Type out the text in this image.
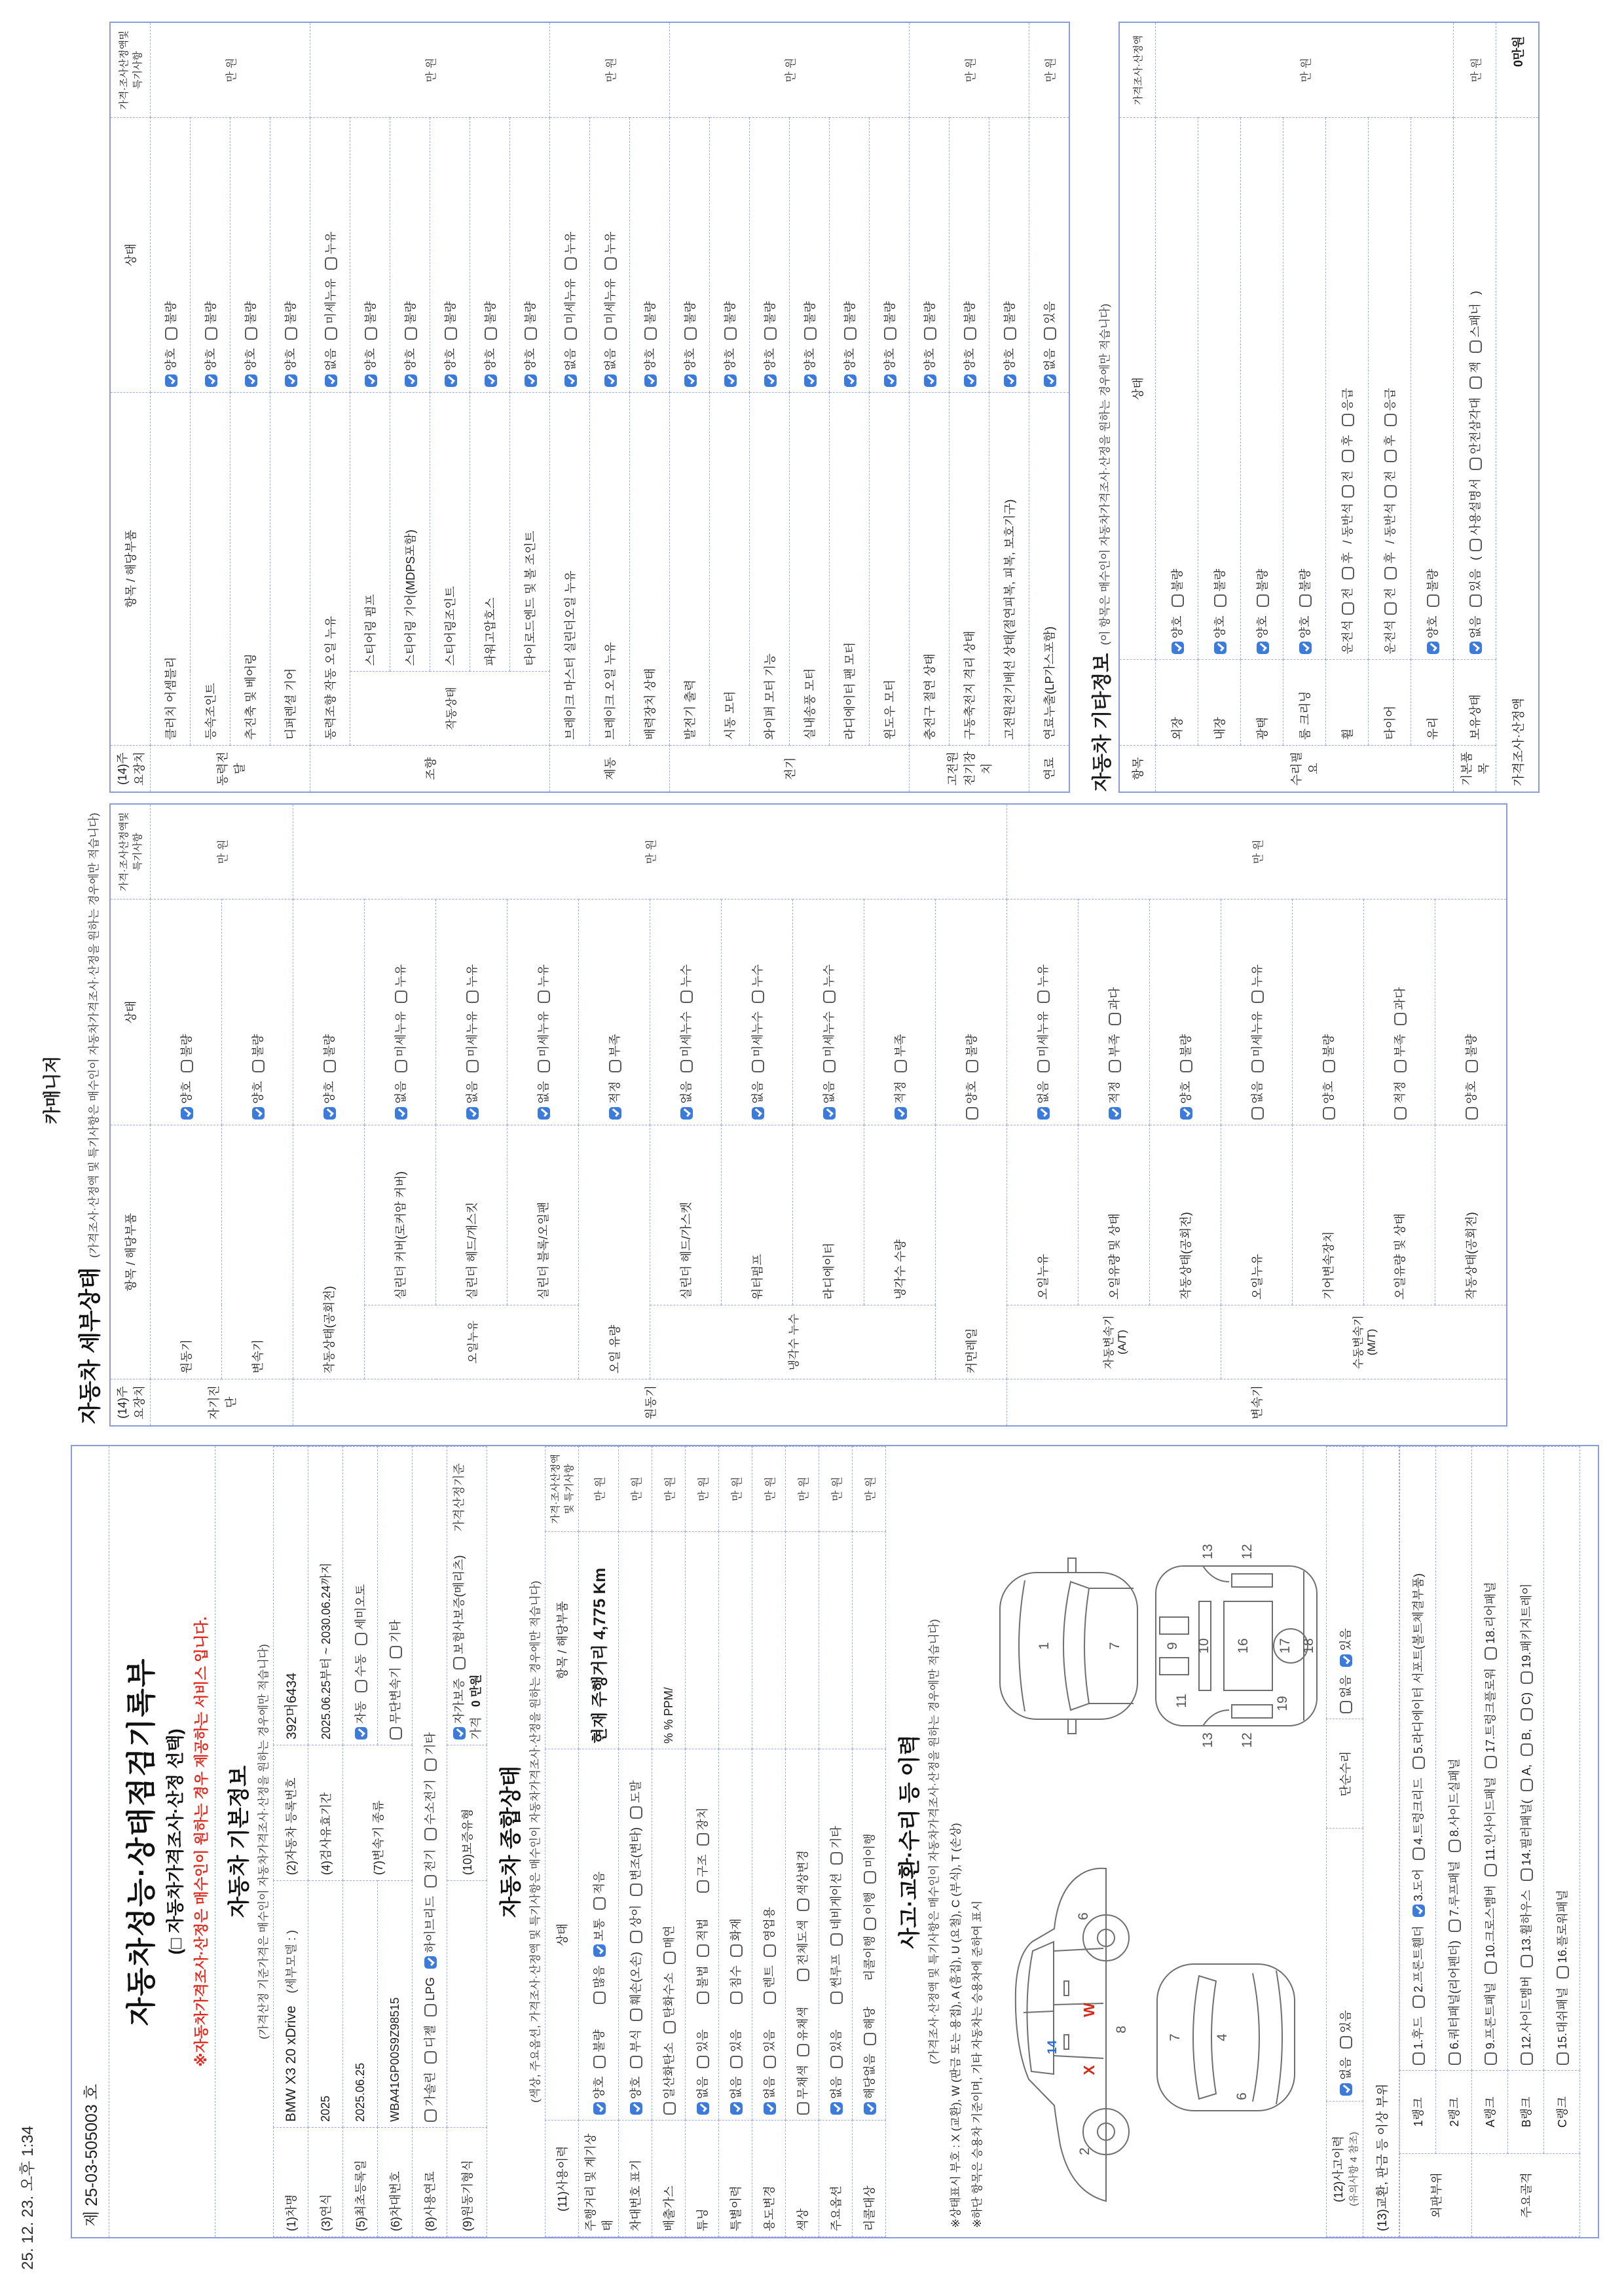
25. 12. 23. 오후 1:34
카매니저
제 25-03-505003 호
자동차성능·상태점검기록부 (□ 자동차가격조사·산정 선택) ※자동차가격조사·산정은 매수인이 원하는 경우 제공하는 서비스 입니다. 자동차 기본정보 (가격산정 기준가격은 매수인이 자동차가격조사·산정을 원하는 경우에만 적습니다)
(1)차명	BMW X3 20 xDrive (세부모델 : )	(2)자동차 등록번호	392머6434
(3)연식	2025	(4)검사유효기간	2025.06.25부터 ~ 2030.06.24까지
(5)최초등록일	2025.06.25	(7)변속기 종류	자동수동세미오토
(6)차대번호	WBA41GP00S9Z98515		무단변속기기타
(8)사용연료	가솔린디젤LPG하이브리드전기수소전기기타		
(9)원동기형식		(10)보증유형	자가보증보험사보증(메리츠) 가격산정기준가격 0 만원
자동차 종합상태 (색상, 주요옵션, 가격조사·산정액 및 특기사항은 매수인이 자동차가격조사·산정을 원하는 경우에만 적습니다)
(11)사용이력	상태	항목 / 해당부품	가격·조사산정액 및 특기사항
주행거리 및 계기상태	양호불량많음보통적음	현재 주행거리 4,775 Km	만 원
차대번호 표기	양호부식훼손(오손)상이변조(변타)도말		만 원
배출가스	일산화탄소탄화수소매연	% % PPM/	만 원
튜닝	없음있음불법적법구조장치		만 원
특별이력	없음있음침수화재		만 원
용도변경	없음있음렌트영업용		만 원
색상	무채색유채색전체도색색상변경		만 원
주요옵션	없음있음썬루프네비게이션기타		만 원
리콜대상	해당없음해당리콜이행이행미이행		만 원
사고·교환·수리 등 이력 (가격조사·산정액 및 특기사항은 매수인이 자동차가격조사·산정을 원하는 경우에만 적습니다) ※상태표시 부호 : X (교환), W (판금 또는 용접), A (흠집), U (요철), C (부식), T (손상) ※하단 항목은 승용차 기준이며, 기타 자동차는 승용차에 준하여 표시	2
14
6
8
X
W
1	7
4
7
6
9
11
10
13
13
12
12
16
19
17 18
(12)사고이력 (유의사항 4 참조)	없음있음	단순수리	없음있음
(13)교환, 판금 등 이상 부위	외판부위	1랭크	1.후드2.프론트휀더3.도어4.트렁크리드5.라디에이터 서포트(볼트체결부품)
	2랭크	6.쿼터패널(리어펜더)7.루프패널8.사이드실패널
주요골격	A랭크	9.프론트패널10.크로스멤버11.인사이드패널17.트렁크플로워18.리어패널
	B랭크	12.사이드멤버13.휠하우스14.필러패널(A,B,C)19.패키지트레이
	C랭크	15.대쉬패널16.플로워패널
자동차 세부상태 (가격조사·산정액 및 특기사항은 매수인이 자동차가격조사·산정을 원하는 경우에만 적습니다)
(14)주요장치	항목 / 해당부품		상태	가격·조사산정액및특기사항
자기진단	원동기		양호불량	만 원
	변속기		양호불량	
원동기	작동상태(공회전)		양호불량	만 원
	오일누유	실린더 커버(로커암 커버)	없음미세누유누유	
		실린더 헤드/개스킷	없음미세누유누유	
		실린더 블록/오일팬	없음미세누유누유	
	오일 유량		적정부족	
	냉각수 누수	실린더 헤드/가스켓	없음미세누수누수	
		워터펌프	없음미세누수누수	
		라디에이터	없음미세누수누수	
		냉각수 수량	적정부족	
	커먼레일		양호불량	
변속기	자동변속기(A/T)	오일누유	없음미세누유누유	만 원
		오일유량 및 상태	적정부족과다	
		작동상태(공회전)	양호불량	
	수동변속기(M/T)	오일누유	없음미세누유누유	
		기어변속장치	양호불량	
		오일유량 및 상태	적정부족과다	
		작동상태(공회전)	양호불량	
(14)주요장치	항목 / 해당부품		상태	가격·조사산정액및특기사항
동력전달	클러치 어셈블리		양호불량	만 원
	등속조인트		양호불량	
	추진축 및 베어링		양호불량	
	디퍼렌셜 기어		양호불량	
조향	동력조향 작동 오일 누유		없음미세누유누유	만 원
	작동상태	스티어링 펌프	양호불량	
		스티어링 기어(MDPS포함)	양호불량	
		스티어링조인트	양호불량	
		파워고압호스	양호불량	
		타이로드엔드 및 볼 조인트	양호불량	
제동	브레이크 마스터 실린더오일 누유		없음미세누유누유	만 원
	브레이크 오일 누유		없음미세누유누유	
	배력장치 상태		양호불량	
전기	발전기 출력		양호불량	만 원
	시동 모터		양호불량	
	와이퍼 모터 기능		양호불량	
	실내송풍 모터		양호불량	
	라디에이터 팬 모터		양호불량	
	윈도우 모터		양호불량	
고전원전기장치	충전구 절연 상태		양호불량	만 원
	구동축전지 격리 상태		양호불량	
	고전원전기배선 상태(절연피복, 피복, 보호기구)		양호불량	
연료	연료누출(LP가스포함)		없음있음	만 원
자동차 기타정보 (이 항목은 매수인이 자동차가격조사·산정을 원하는 경우에만 적습니다)
항목		상태	가격조사·산정액
수리필요	외장	양호불량	만 원
	내장	양호불량	
	광택	양호불량	
	룸 크리닝	양호불량	
	휠	운전석전후/ 동반석전후응급	
	타이어	운전석전후/ 동반석전후응급	
	유리	양호불량	
기본품목	보유상태	없음있음(사용설명서안전삼각대잭스패너)	만 원
가격조사·산정액			0만원
